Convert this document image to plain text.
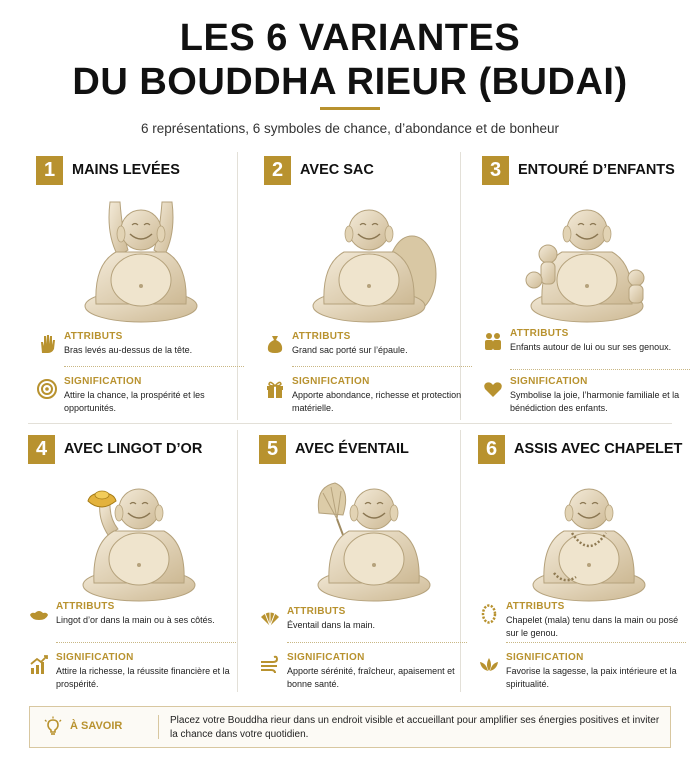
LES 6 VARIANTES
DU BOUDDHA RIEUR (BUDAI)
6 représentations, 6 symboles de chance, d’abondance et de bonheur
1	MAINS LEVÉES
ATTRIBUTS
Bras levés au-dessus de la tête.
SIGNIFICATION
Attire la chance, la prospérité et les opportunités.
2	AVEC SAC
ATTRIBUTS
Grand sac porté sur l’épaule.
SIGNIFICATION
Apporte abondance, richesse et protection matérielle.
3	ENTOURÉ D’ENFANTS
ATTRIBUTS
Enfants autour de lui ou sur ses genoux.
SIGNIFICATION
Symbolise la joie, l’harmonie familiale et la bénédiction des enfants.
4	AVEC LINGOT D’OR
ATTRIBUTS
Lingot d’or dans la main ou à ses côtés.
SIGNIFICATION
Attire la richesse, la réussite financière et la prospérité.
5	AVEC ÉVENTAIL
ATTRIBUTS
Éventail dans la main.
SIGNIFICATION
Apporte sérénité, fraîcheur, apaisement et bonne santé.
6	ASSIS AVEC CHAPELET
ATTRIBUTS
Chapelet (mala) tenu dans la main ou posé sur le genou.
SIGNIFICATION
Favorise la sagesse, la paix intérieure et la spiritualité.
À SAVOIR	Placez votre Bouddha rieur dans un endroit visible et accueillant pour amplifier ses énergies positives et inviter la chance dans votre quotidien.
